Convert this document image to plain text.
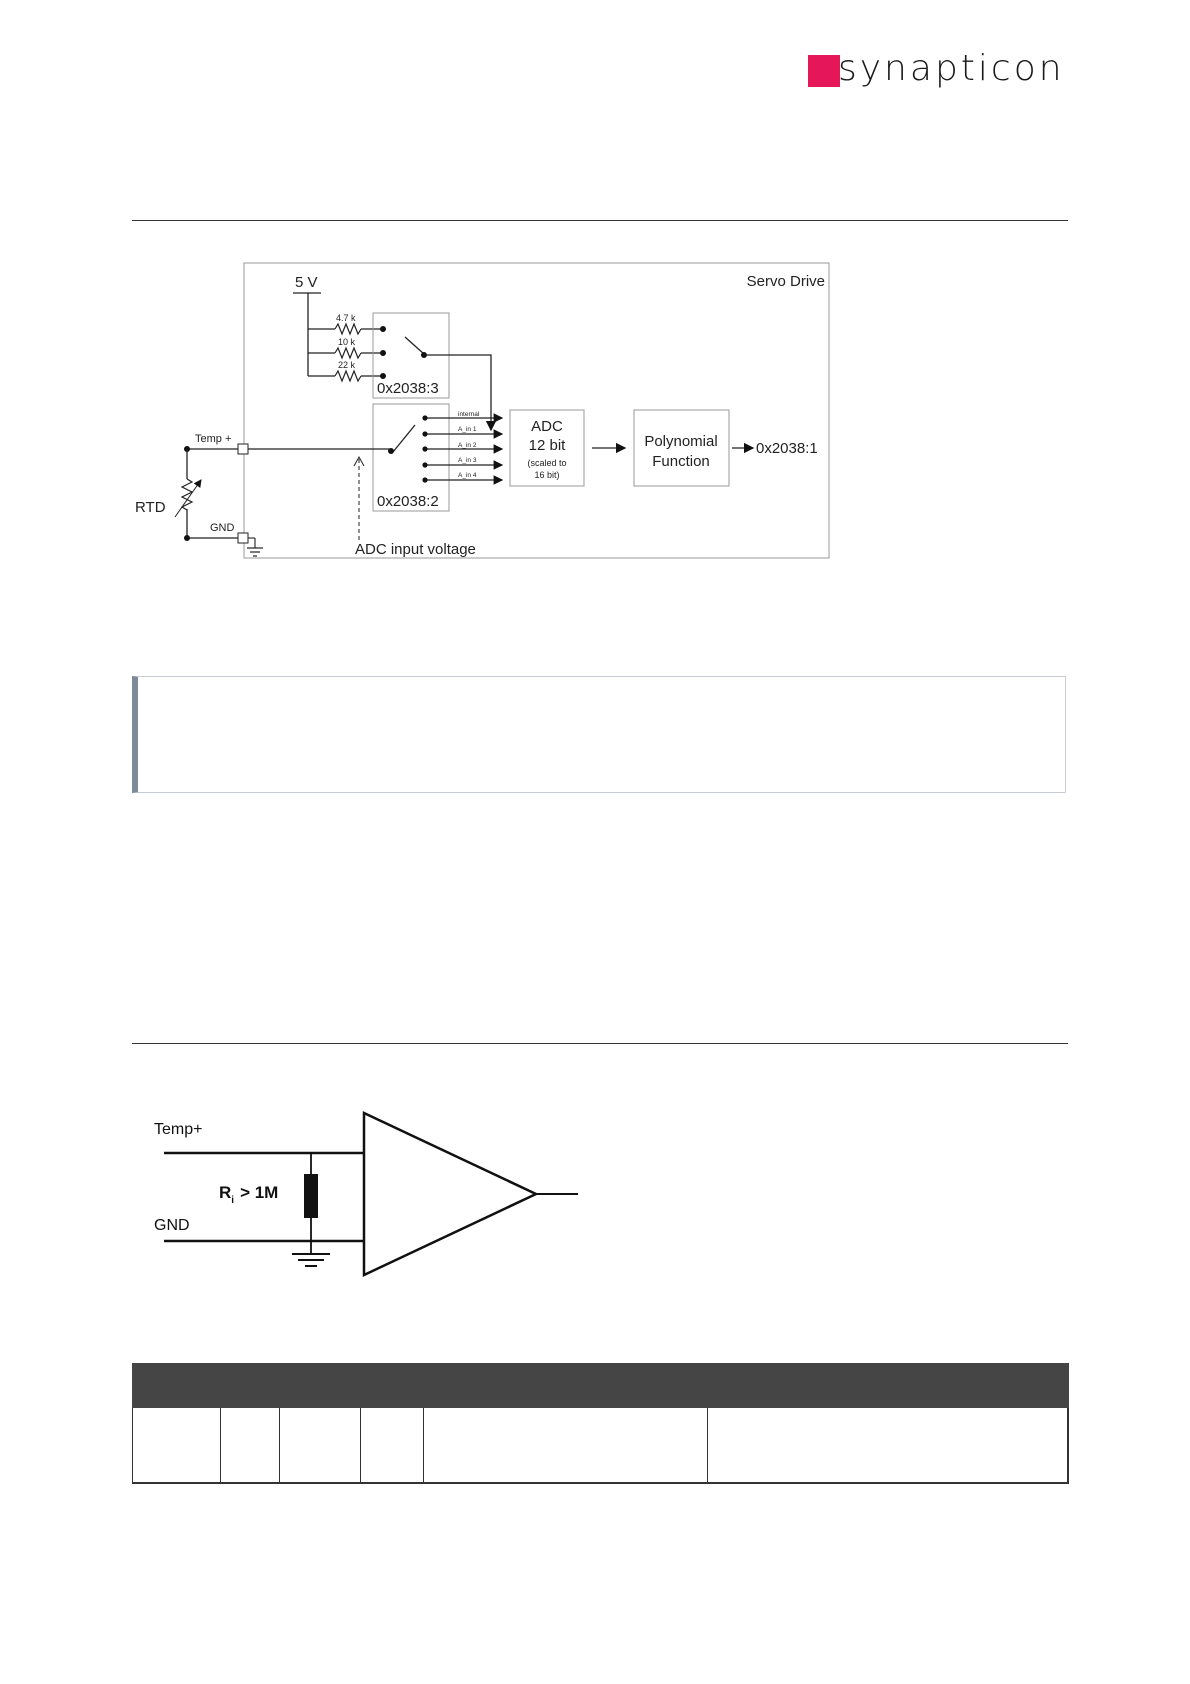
synapticon
Servo Drive
5 V
4.7 k
10 k
22 k
0x2038:3
0x2038:2
internal
A_in 1
A_in 2
A_in 3
A_in 4
ADC
12 bit
(scaled to
16 bit)
Polynomial
Function
0x2038:1
Temp +
RTD
GND
ADC input voltage
Temp+
GND
$R_i > 1M$
